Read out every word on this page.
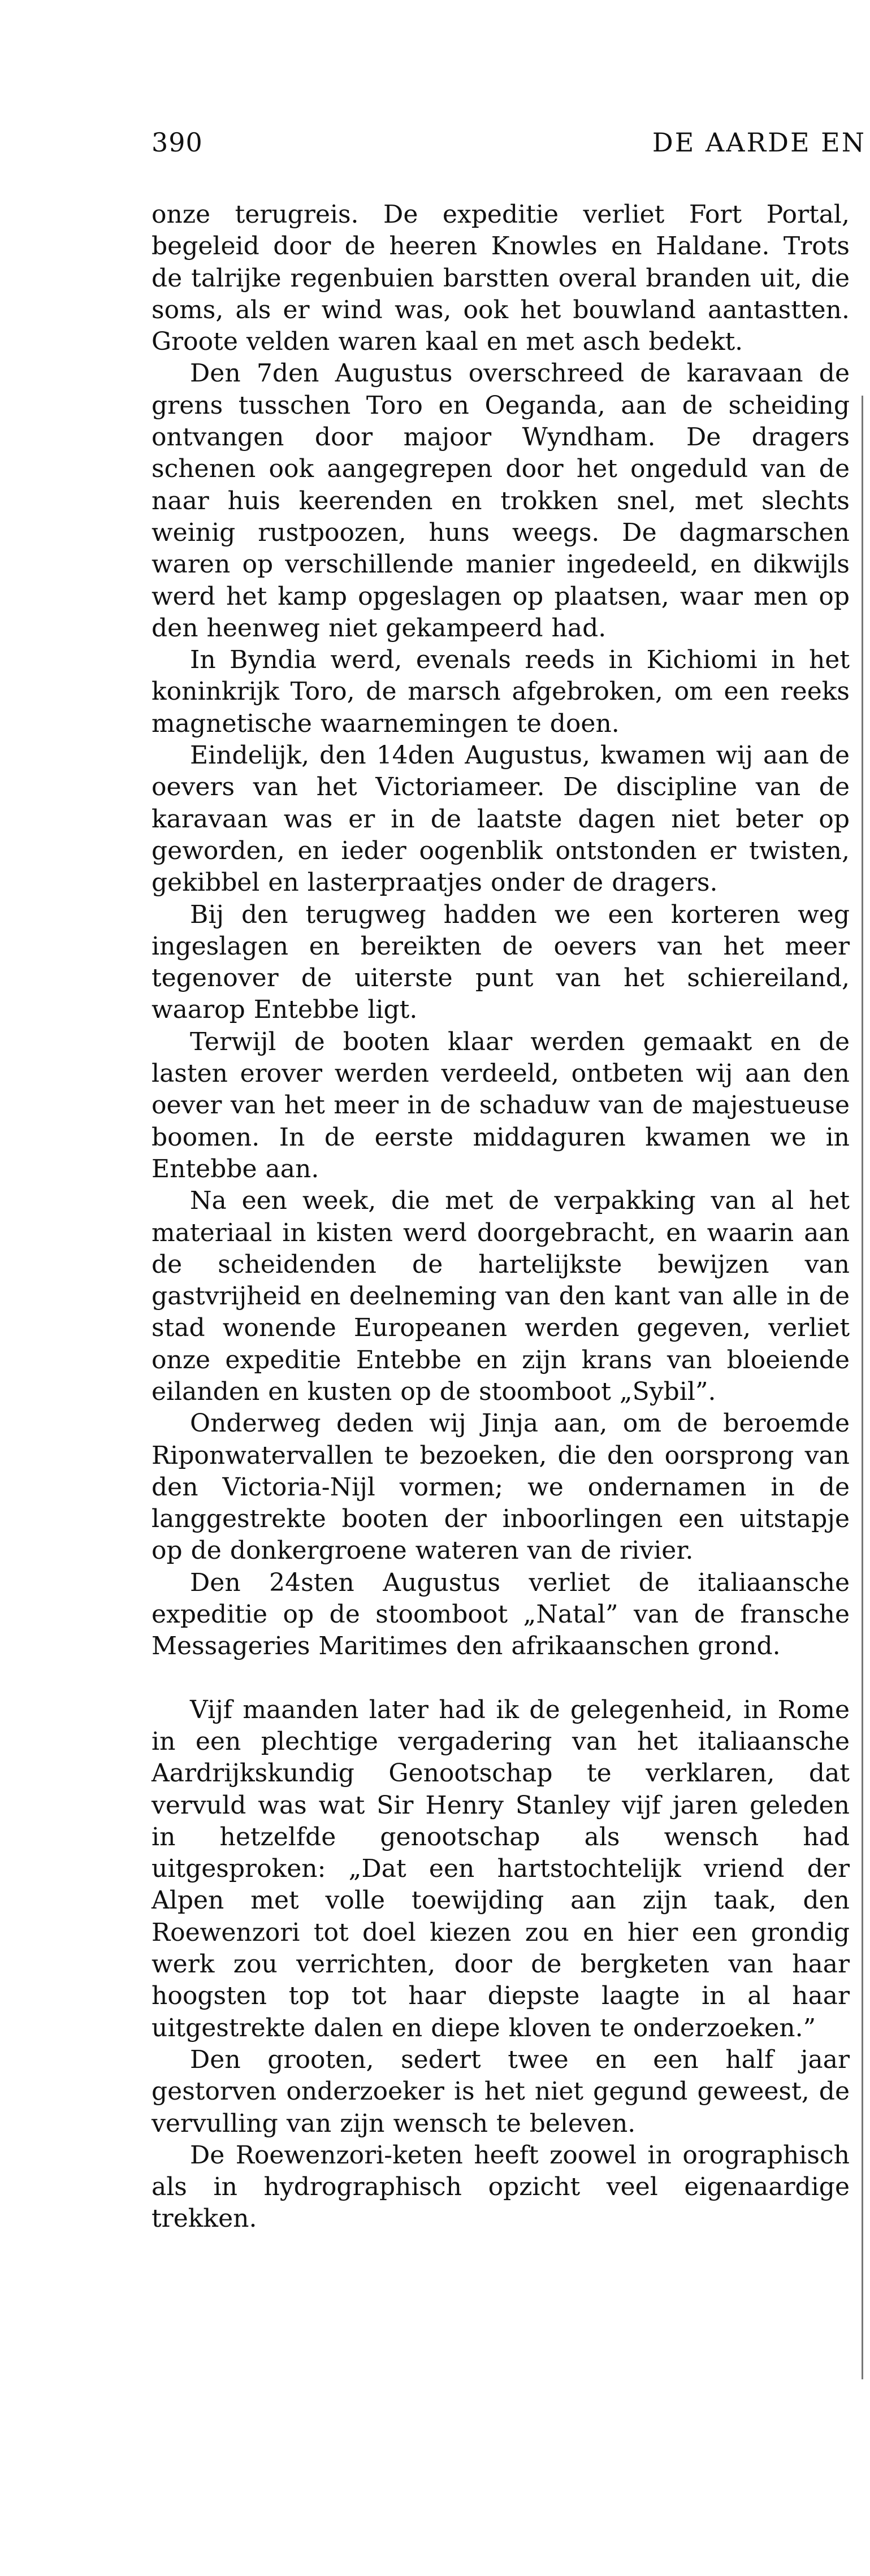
390	DE AARDE EN

onze terugreis. De expeditie verliet Fort Portal, begeleid door de heeren Knowles en Haldane. Trots de talrijke regenbuien barstten overal branden uit, die soms, als er wind was, ook het bouwland aantastten. Groote velden waren kaal en met asch bedekt.

Den 7den Augustus overschreed de karavaan de grens tusschen Toro en Oeganda, aan de scheiding ontvangen door majoor Wyndham. De dragers schenen ook aangegrepen door het ongeduld van de naar huis keerenden en trokken snel, met slechts weinig rustpoozen, huns weegs. De dagmarschen waren op verschillende manier ingedeeld, en dikwijls werd het kamp opgeslagen op plaatsen, waar men op den heenweg niet gekampeerd had.

In Byndia werd, evenals reeds in Kichiomi in het koninkrijk Toro, de marsch afgebroken, om een reeks magnetische waarnemingen te doen.

Eindelijk, den 14den Augustus, kwamen wij aan de oevers van het Victoriameer. De discipline van de karavaan was er in de laatste dagen niet beter op geworden, en ieder oogenblik ontstonden er twisten, gekibbel en lasterpraatjes onder de dragers.

Bij den terugweg hadden we een korteren weg ingeslagen en bereikten de oevers van het meer tegenover de uiterste punt van het schiereiland, waarop Entebbe ligt.

Terwijl de booten klaar werden gemaakt en de lasten erover werden verdeeld, ontbeten wij aan den oever van het meer in de schaduw van de majestueuse boomen. In de eerste middaguren kwamen we in Entebbe aan.

Na een week, die met de verpakking van al het materiaal in kisten werd doorgebracht, en waarin aan de scheidenden de hartelijkste bewijzen van gastvrijheid en deelneming van den kant van alle in de stad wonende Europeanen werden gegeven, verliet onze expeditie Entebbe en zijn krans van bloeiende eilanden en kusten op de stoomboot „Sybil”.

Onderweg deden wij Jinja aan, om de beroemde Riponwatervallen te bezoeken, die den oorsprong van den Victoria-Nijl vormen; we ondernamen in de langgestrekte booten der inboorlingen een uitstapje op de donkergroene wateren van de rivier.

Den 24sten Augustus verliet de italiaansche expeditie op de stoomboot „Natal” van de fransche Messageries Maritimes den afrikaanschen grond.

Vijf maanden later had ik de gelegenheid, in Rome in een plechtige vergadering van het italiaansche Aardrijkskundig Genootschap te verklaren, dat vervuld was wat Sir Henry Stanley vijf jaren geleden in hetzelfde genootschap als wensch had uitgesproken: „Dat een hartstochtelijk vriend der Alpen met volle toewijding aan zijn taak, den Roewenzori tot doel kiezen zou en hier een grondig werk zou verrichten, door de bergketen van haar hoogsten top tot haar diepste laagte in al haar uitgestrekte dalen en diepe kloven te onderzoeken.”

Den grooten, sedert twee en een half jaar gestorven onderzoeker is het niet gegund geweest, de vervulling van zijn wensch te beleven.

De Roewenzori-keten heeft zoowel in orographisch als in hydrographisch opzicht veel eigenaardige trekken.
